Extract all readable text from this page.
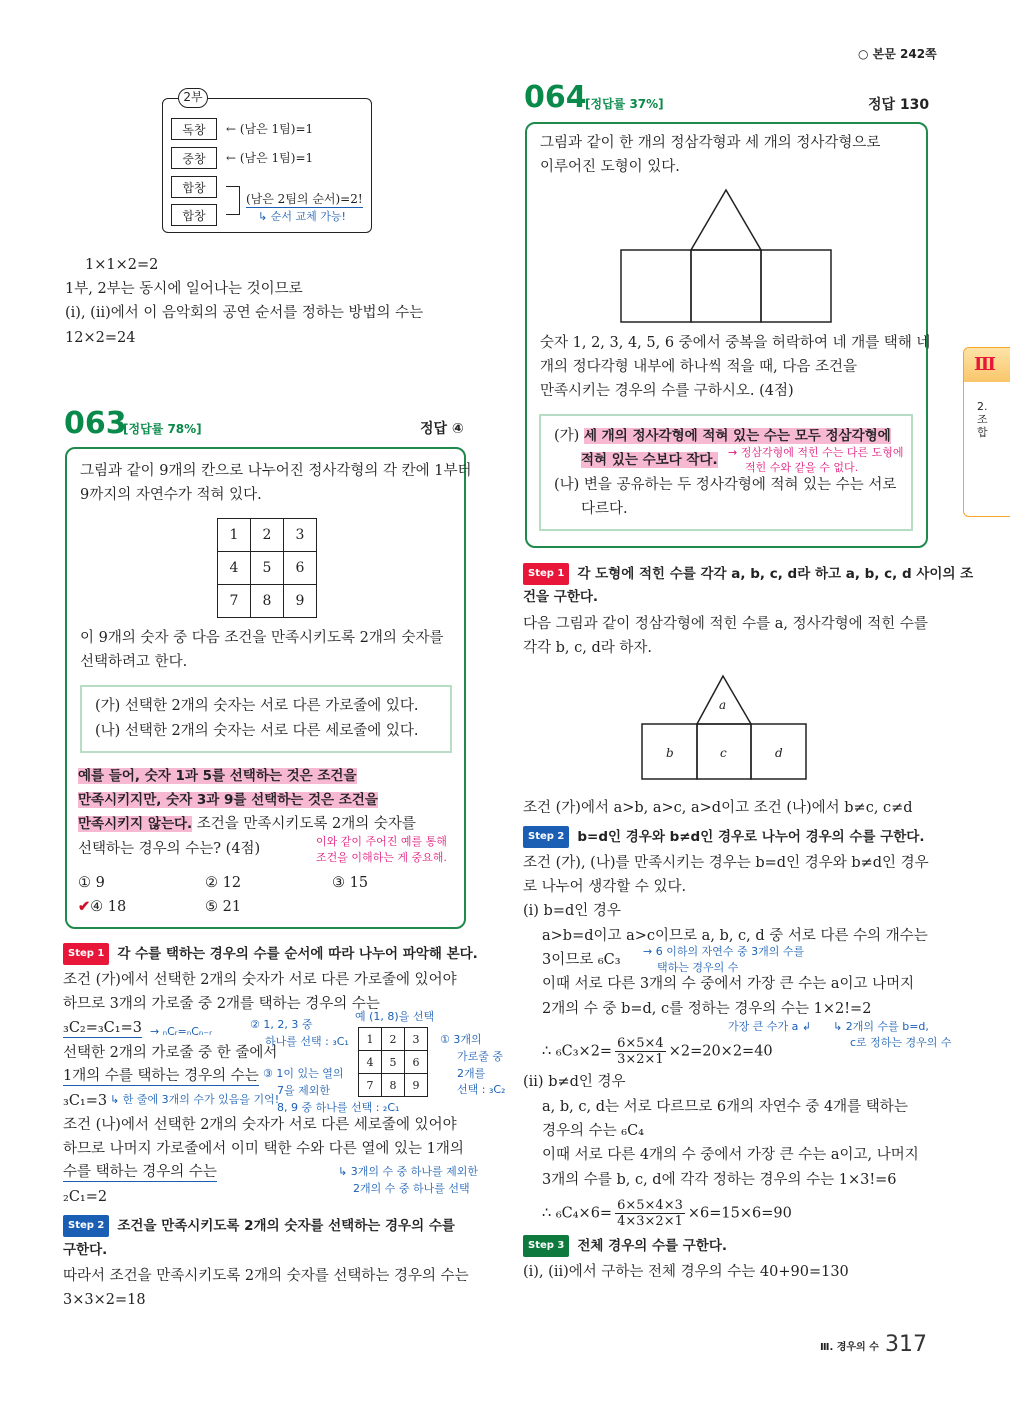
○ 본문 242쪽
2부
독창
중창
합창
합창
← (남은 1팀)=1
← (남은 1팀)=1
(남은 2팀의 순서)=2!
↳ 순서 교체 가능!
1×1×2=2
1부, 2부는 동시에 일어나는 것이므로
(i), (ii)에서 이 음악회의 공연 순서를 정하는 방법의 수는
12×2=24
063
[정답률 78%]	정답 ④
그림과 같이 9개의 칸으로 나누어진 정사각형의 각 칸에 1부터
9까지의 자연수가 적혀 있다.
1	2	3
4	5	6
7	8	9
이 9개의 숫자 중 다음 조건을 만족시키도록 2개의 숫자를
선택하려고 한다.
(가) 선택한 2개의 숫자는 서로 다른 가로줄에 있다.
(나) 선택한 2개의 숫자는 서로 다른 세로줄에 있다.
예를 들어, 숫자 1과 5를 선택하는 것은 조건을
만족시키지만, 숫자 3과 9를 선택하는 것은 조건을
만족시키지 않는다. 조건을 만족시키도록 2개의 숫자를
선택하는 경우의 수는? (4점)	이와 같이 주어진 예를 통해
조건을 이해하는 게 중요해.
① 9	② 12	③ 15
✔④ 18	⑤ 21
Step 1 각 수를 택하는 경우의 수를 순서에 따라 나누어 파악해 본다.
조건 (가)에서 선택한 2개의 숫자가 서로 다른 가로줄에 있어야
하므로 3개의 가로줄 중 2개를 택하는 경우의 수는
₃C₂=₃C₁=3
선택한 2개의 가로줄 중 한 줄에서
1개의 수를 택하는 경우의 수는
₃C₁=3
조건 (나)에서 선택한 2개의 숫자가 서로 다른 세로줄에 있어야
하므로 나머지 가로줄에서 이미 택한 수와 다른 열에 있는 1개의
수를 택하는 경우의 수는
₂C₁=2
→ ₙCᵣ=ₙCₙ₋ᵣ
② 1, 2, 3 중
하나를 선택 : ₃C₁
③ 1이 있는 열의
7을 제외한
8, 9 중 하나를 선택 : ₂C₁
예 (1, 8)을 선택
1	2	3
4	5	6
7	8	9
① 3개의
가로줄 중
2개를
선택 : ₃C₂
↳ 한 줄에 3개의 수가 있음을 기억!
↳ 3개의 수 중 하나를 제외한
2개의 수 중 하나를 선택
Step 2 조건을 만족시키도록 2개의 숫자를 선택하는 경우의 수를
구한다.
따라서 조건을 만족시키도록 2개의 숫자를 선택하는 경우의 수는
3×3×2=18
064
[정답률 37%]	정답 130
그림과 같이 한 개의 정삼각형과 세 개의 정사각형으로
이루어진 도형이 있다.
숫자 1, 2, 3, 4, 5, 6 중에서 중복을 허락하여 네 개를 택해 네
개의 정다각형 내부에 하나씩 적을 때, 다음 조건을
만족시키는 경우의 수를 구하시오. (4점)
(가) 세 개의 정사각형에 적혀 있는 수는 모두 정삼각형에
적혀 있는 수보다 작다. → 정삼각형에 적힌 수는 다른 도형에
적힌 수와 같을 수 없다.
(나) 변을 공유하는 두 정사각형에 적혀 있는 수는 서로
다르다.
Step 1 각 도형에 적힌 수를 각각 a, b, c, d라 하고 a, b, c, d 사이의 조
건을 구한다.
다음 그림과 같이 정삼각형에 적힌 수를 a, 정사각형에 적힌 수를
각각 b, c, d라 하자.
a
b	c	d
조건 (가)에서 a>b, a>c, a>d이고 조건 (나)에서 b≠c, c≠d
Step 2 b=d인 경우와 b≠d인 경우로 나누어 경우의 수를 구한다.
조건 (가), (나)를 만족시키는 경우는 b=d인 경우와 b≠d인 경우
로 나누어 생각할 수 있다.
(i) b=d인 경우
a>b=d이고 a>c이므로 a, b, c, d 중 서로 다른 수의 개수는
3이므로 ₆C₃
→ 6 이하의 자연수 중 3개의 수를
택하는 경우의 수
이때 서로 다른 3개의 수 중에서 가장 큰 수는 a이고 나머지
2개의 수 중 b=d, c를 정하는 경우의 수는 1×2!=2
가장 큰 수가 a ↲ ↳ 2개의 수를 b=d,
c로 정하는 경우의 수
∴ $_6C_3\times 2= \frac{6\times 5\times 4}{3\times 2\times 1} \times 2=20\times 2=40$
(ii) b≠d인 경우
a, b, c, d는 서로 다르므로 6개의 자연수 중 4개를 택하는
경우의 수는 ₆C₄
이때 서로 다른 4개의 수 중에서 가장 큰 수는 a이고, 나머지
3개의 수를 b, c, d에 각각 정하는 경우의 수는 1×3!=6
∴ $_6C_4\times 6= \frac{6\times 5\times 4\times 3}{4\times 3\times 2\times 1} \times 6=15\times 6=90$
Step 3 전체 경우의 수를 구한다.
(i), (ii)에서 구하는 전체 경우의 수는 40+90=130
Ⅲ. 경우의 수 317
Ⅲ
2. 조합
